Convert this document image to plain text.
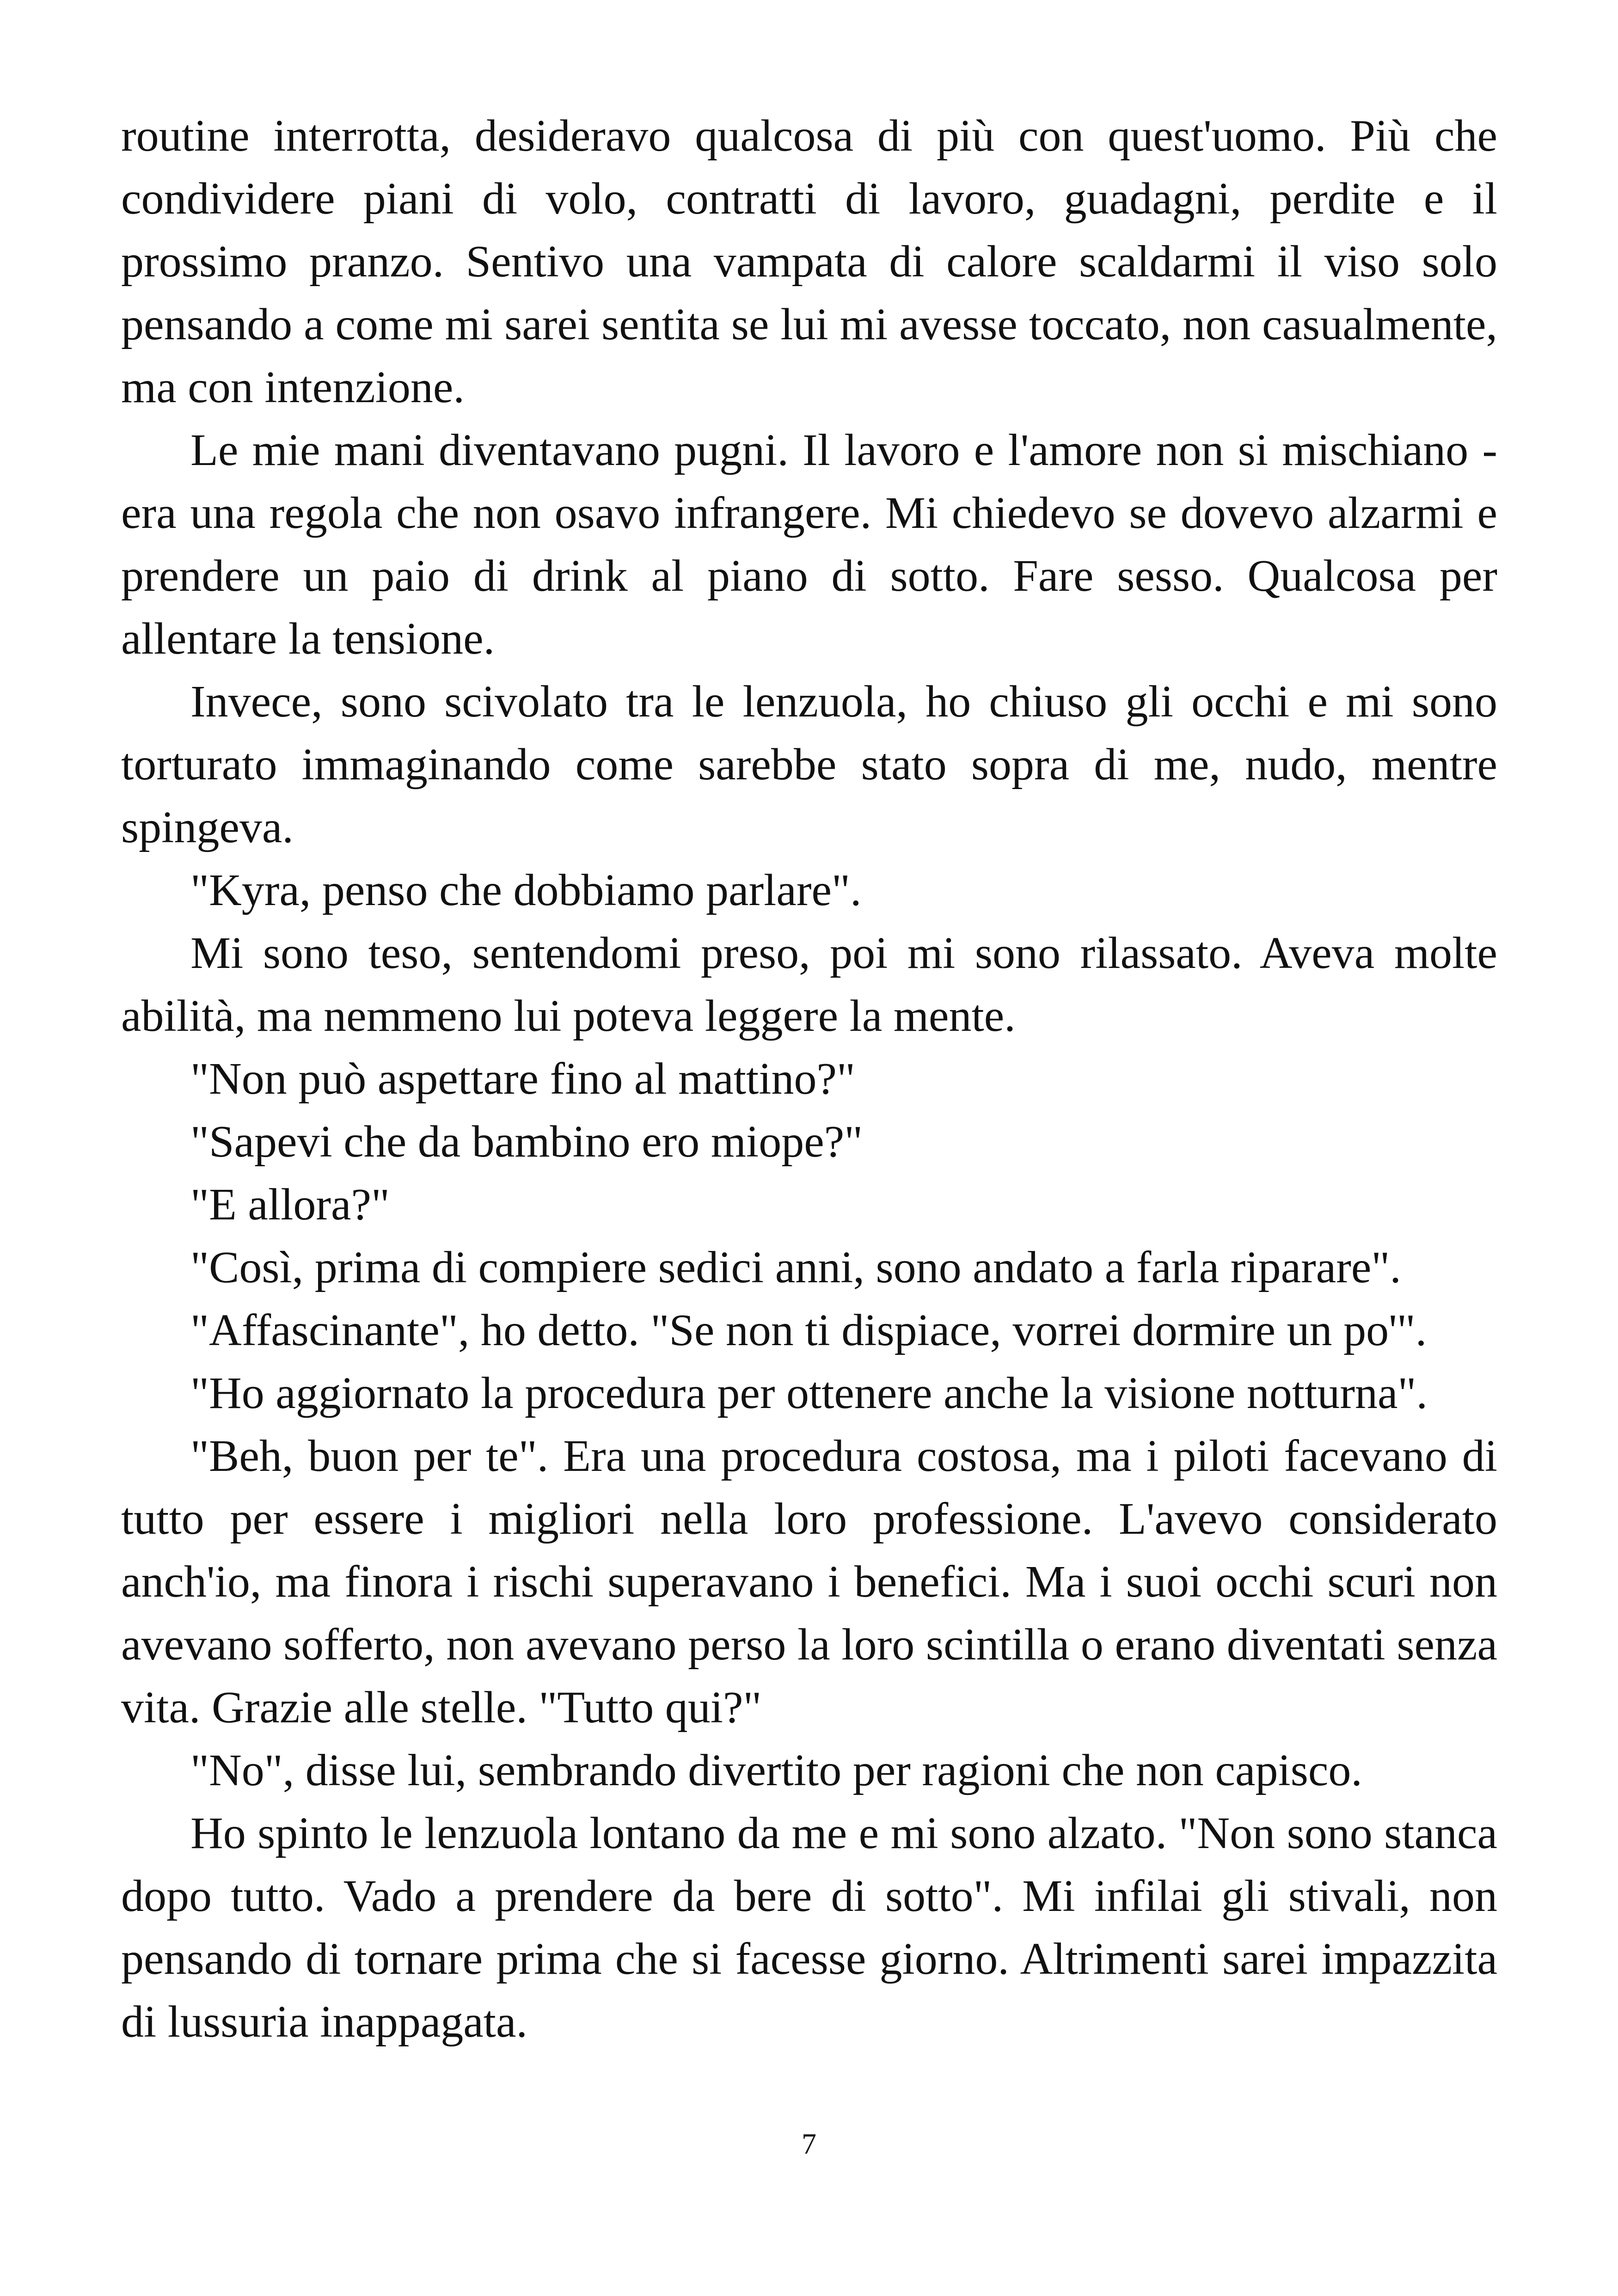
routine interrotta, desideravo qualcosa di più con quest'uomo. Più che condividere piani di volo, contratti di lavoro, guadagni, perdite e il prossimo pranzo. Sentivo una vampata di calore scaldarmi il viso solo pensando a come mi sarei sentita se lui mi avesse toccato, non casualmente, ma con intenzione.

Le mie mani diventavano pugni. Il lavoro e l'amore non si mischiano - era una regola che non osavo infrangere. Mi chiedevo se dovevo alzarmi e prendere un paio di drink al piano di sotto. Fare sesso. Qualcosa per allentare la tensione.

Invece, sono scivolato tra le lenzuola, ho chiuso gli occhi e mi sono torturato immaginando come sarebbe stato sopra di me, nudo, mentre spingeva.

"Kyra, penso che dobbiamo parlare".

Mi sono teso, sentendomi preso, poi mi sono rilassato. Aveva molte abilità, ma nemmeno lui poteva leggere la mente.

"Non può aspettare fino al mattino?"

"Sapevi che da bambino ero miope?"

"E allora?"

"Così, prima di compiere sedici anni, sono andato a farla riparare".

"Affascinante", ho detto. "Se non ti dispiace, vorrei dormire un po'".

"Ho aggiornato la procedura per ottenere anche la visione notturna".

"Beh, buon per te". Era una procedura costosa, ma i piloti facevano di tutto per essere i migliori nella loro professione. L'avevo considerato anch'io, ma finora i rischi superavano i benefici. Ma i suoi occhi scuri non avevano sofferto, non avevano perso la loro scintilla o erano diventati senza vita. Grazie alle stelle. "Tutto qui?"

"No", disse lui, sembrando divertito per ragioni che non capisco.

Ho spinto le lenzuola lontano da me e mi sono alzato. "Non sono stanca dopo tutto. Vado a prendere da bere di sotto". Mi infilai gli stivali, non pensando di tornare prima che si facesse giorno. Altrimenti sarei impazzita di lussuria inappagata.

7
